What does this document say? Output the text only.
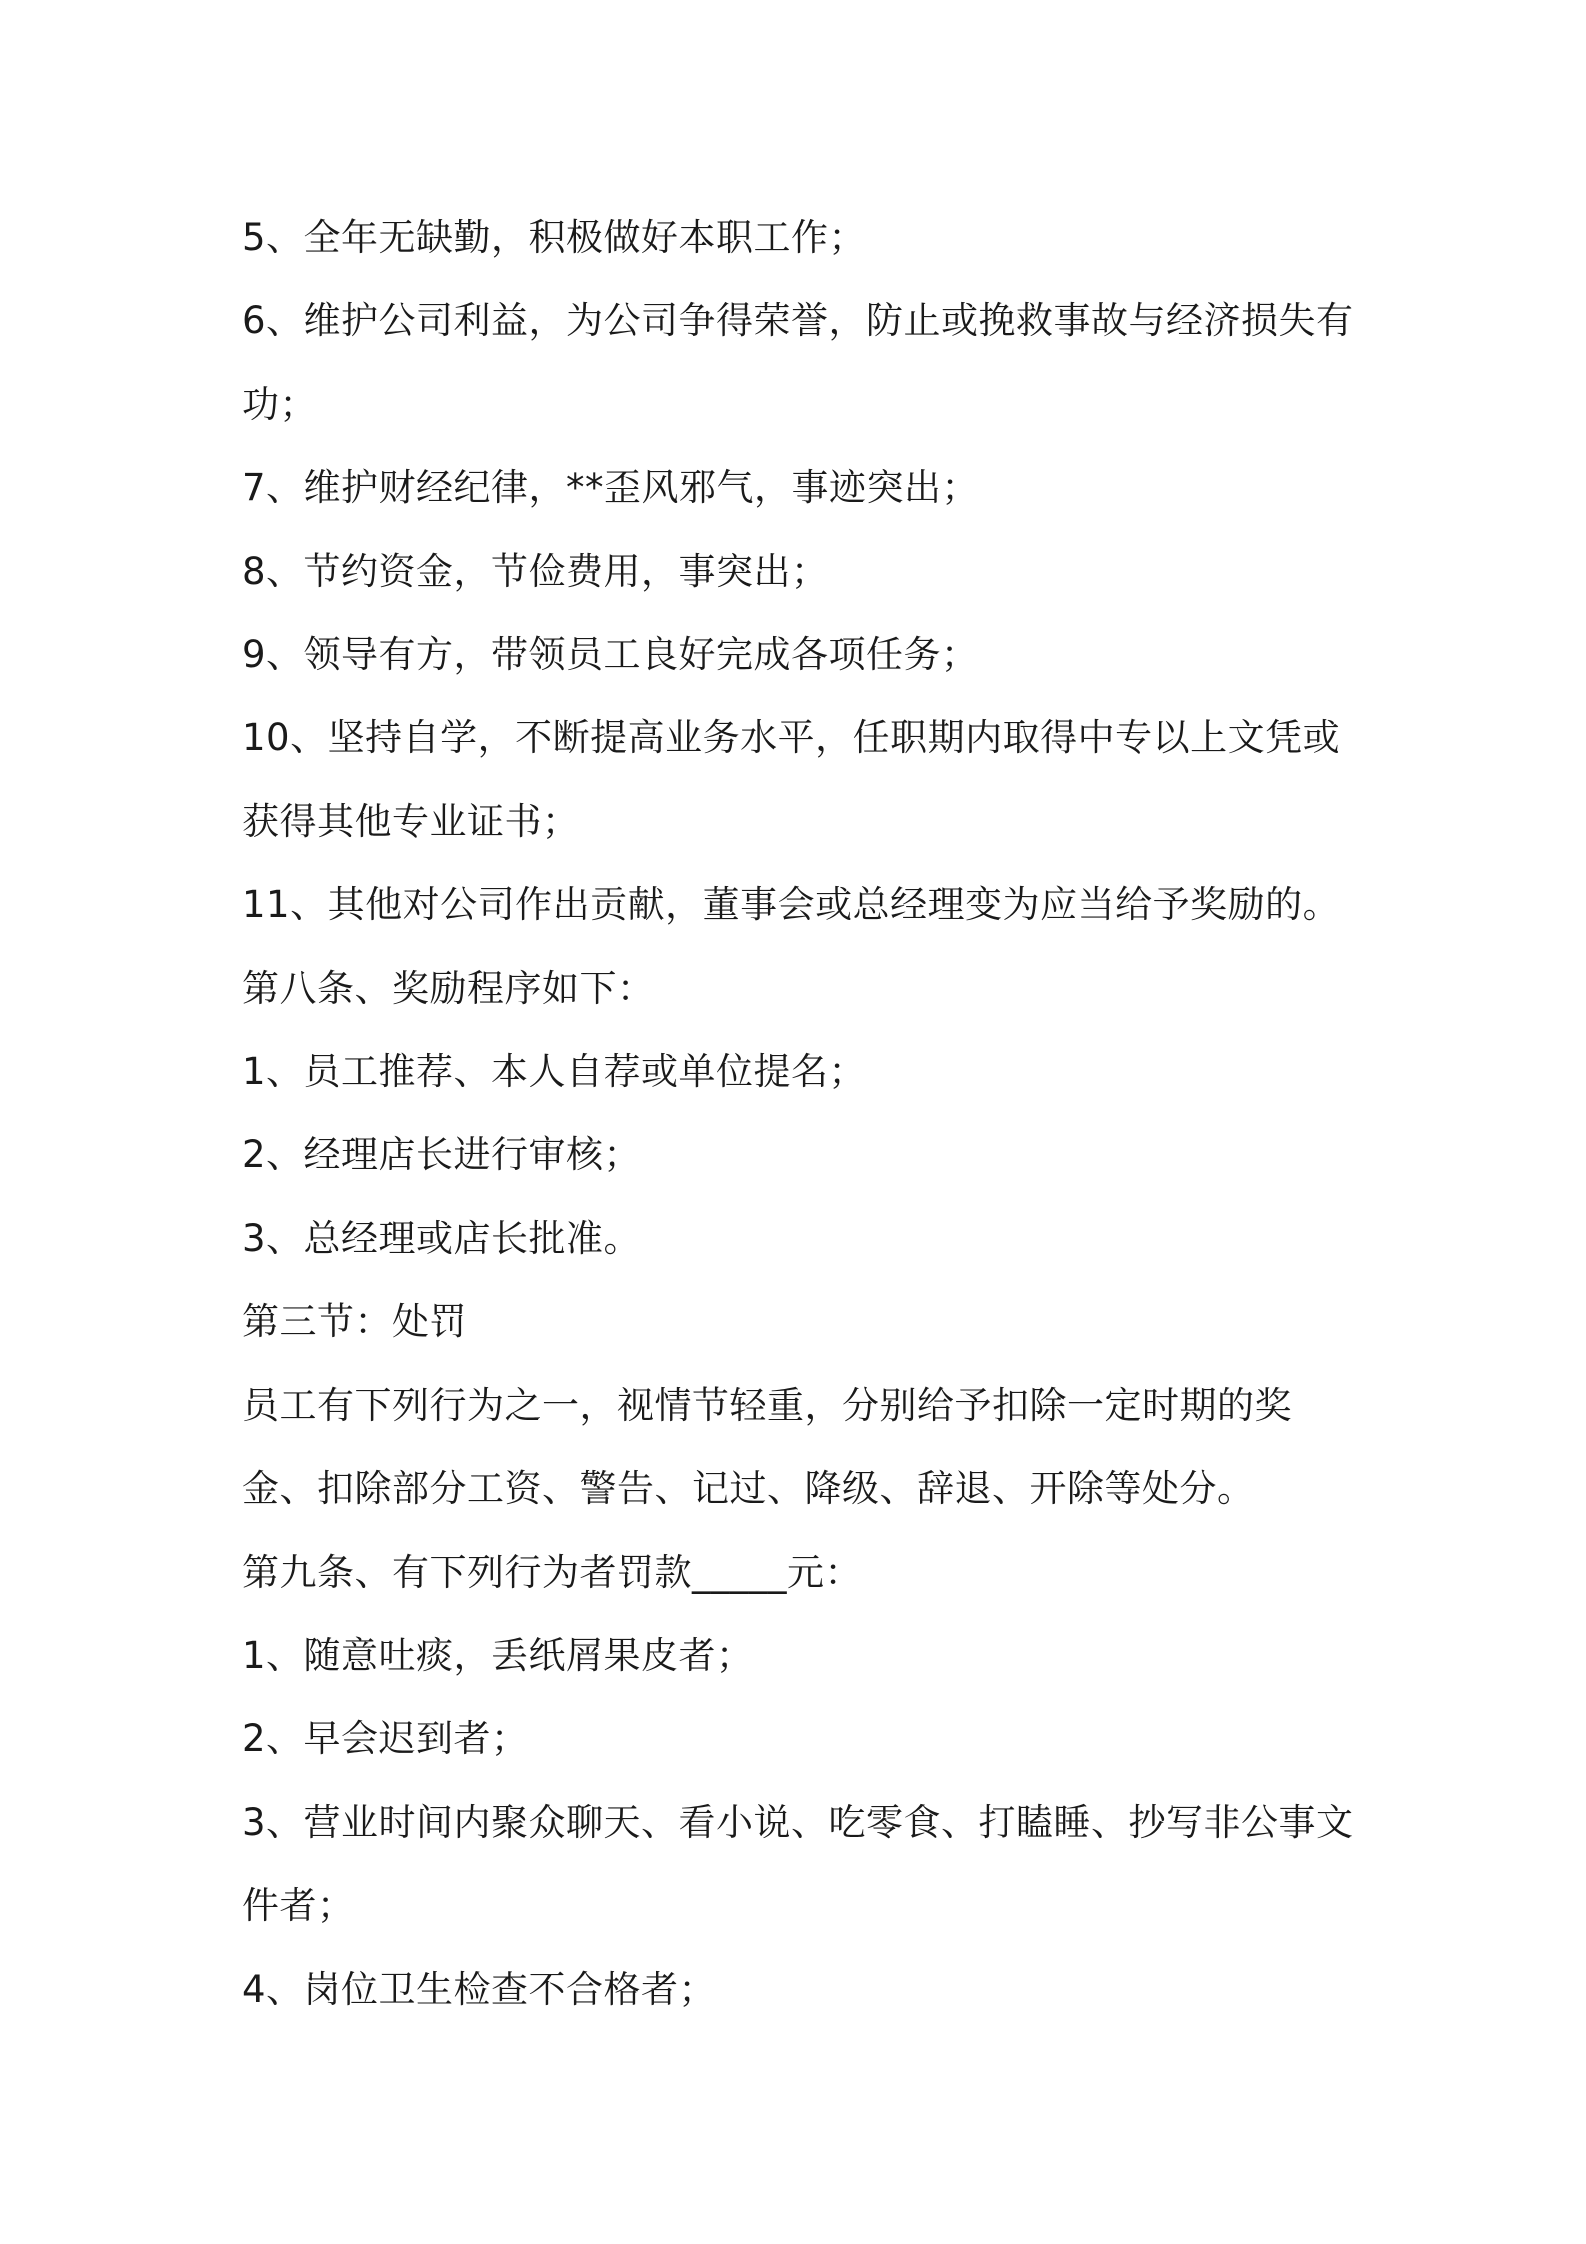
5、全年无缺勤，积极做好本职工作；

6、维护公司利益，为公司争得荣誉，防止或挽救事故与经济损失有功；

7、维护财经纪律，**歪风邪气，事迹突出；

8、节约资金，节俭费用，事突出；

9、领导有方，带领员工良好完成各项任务；

10、坚持自学，不断提高业务水平，任职期内取得中专以上文凭或获得其他专业证书；

11、其他对公司作出贡献，董事会或总经理变为应当给予奖励的。

第八条、奖励程序如下：

1、员工推荐、本人自荐或单位提名；

2、经理店长进行审核；

3、总经理或店长批准。

第三节：处罚

员工有下列行为之一，视情节轻重，分别给予扣除一定时期的奖金、扣除部分工资、警告、记过、降级、辞退、开除等处分。

第九条、有下列行为者罚款_____元：

1、随意吐痰，丢纸屑果皮者；

2、早会迟到者；

3、营业时间内聚众聊天、看小说、吃零食、打瞌睡、抄写非公事文件者；

4、岗位卫生检查不合格者；
